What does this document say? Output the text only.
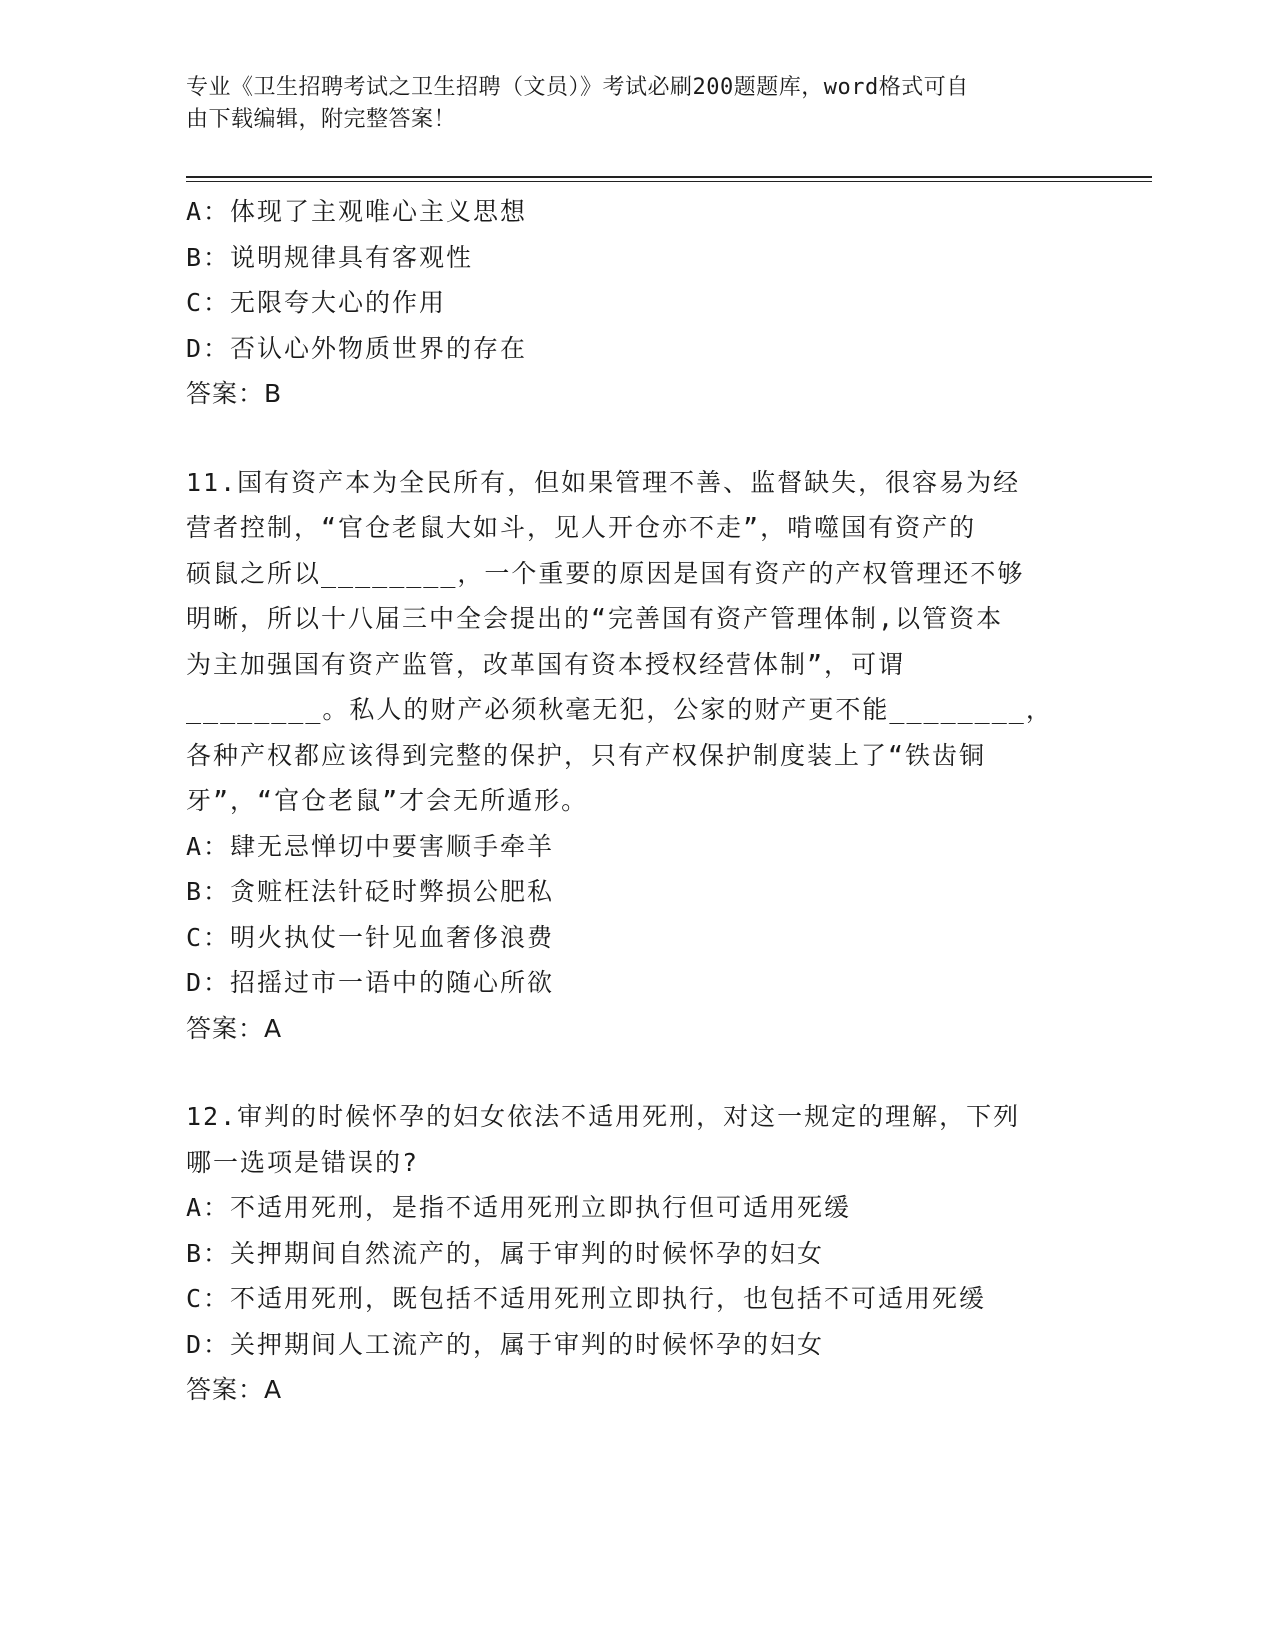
专业《卫生招聘考试之卫生招聘（文员）》考试必刷200题题库，word格式可自
由下载编辑，附完整答案！
A：体现了主观唯心主义思想
B：说明规律具有客观性
C：无限夸大心的作用
D：否认心外物质世界的存在
答案：B
11.国有资产本为全民所有，但如果管理不善、监督缺失，很容易为经
营者控制，“官仓老鼠大如斗，见人开仓亦不走”，啃噬国有资产的
硕鼠之所以________，一个重要的原因是国有资产的产权管理还不够
明晰，所以十八届三中全会提出的“完善国有资产管理体制,以管资本
为主加强国有资产监管，改革国有资本授权经营体制”，可谓
________。私人的财产必须秋毫无犯，公家的财产更不能________，
各种产权都应该得到完整的保护，只有产权保护制度装上了“铁齿铜
牙”，“官仓老鼠”才会无所遁形。
A：肆无忌惮切中要害顺手牵羊
B：贪赃枉法针砭时弊损公肥私
C：明火执仗一针见血奢侈浪费
D：招摇过市一语中的随心所欲
答案：A
12.审判的时候怀孕的妇女依法不适用死刑，对这一规定的理解，下列
哪一选项是错误的?
A：不适用死刑，是指不适用死刑立即执行但可适用死缓
B：关押期间自然流产的，属于审判的时候怀孕的妇女
C：不适用死刑，既包括不适用死刑立即执行，也包括不可适用死缓
D：关押期间人工流产的，属于审判的时候怀孕的妇女
答案：A
